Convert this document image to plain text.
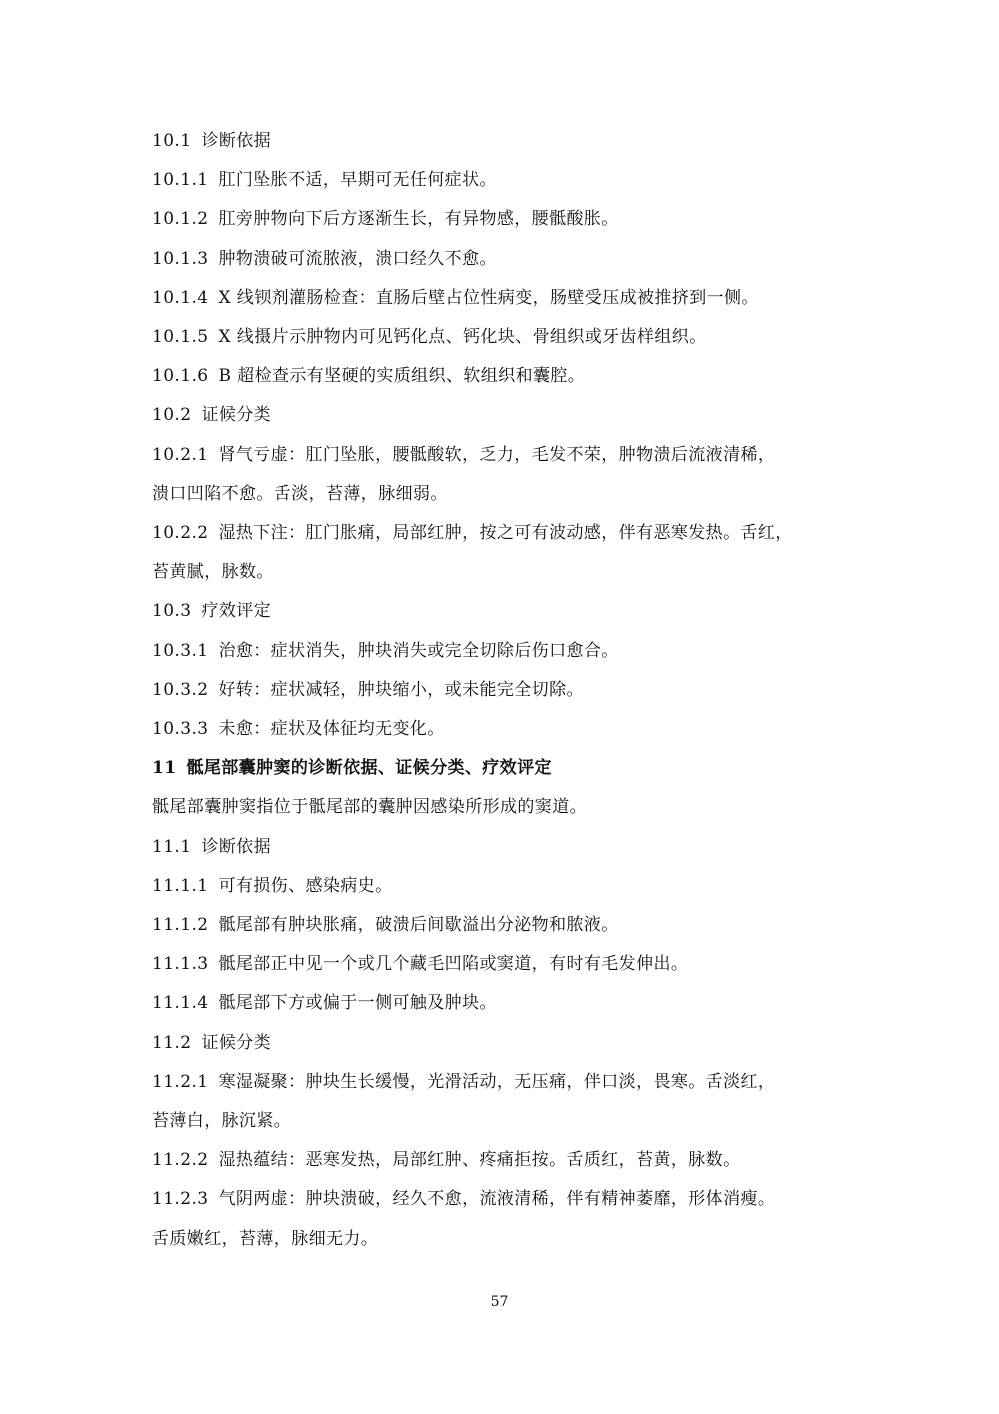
10.1 诊断依据
10.1.1 肛门坠胀不适，早期可无任何症状。
10.1.2 肛旁肿物向下后方逐渐生长，有异物感，腰骶酸胀。
10.1.3 肿物溃破可流脓液，溃口经久不愈。
10.1.4 X 线钡剂灌肠检查：直肠后壁占位性病变，肠壁受压成被推挤到一侧。
10.1.5 X 线摄片示肿物内可见钙化点、钙化块、骨组织或牙齿样组织。
10.1.6 B 超检查示有坚硬的实质组织、软组织和囊腔。
10.2 证候分类
10.2.1 肾气亏虚：肛门坠胀，腰骶酸软，乏力，毛发不荣，肿物溃后流液清稀，
溃口凹陷不愈。舌淡，苔薄，脉细弱。
10.2.2 湿热下注：肛门胀痛，局部红肿，按之可有波动感，伴有恶寒发热。舌红，
苔黄腻，脉数。
10.3 疗效评定
10.3.1 治愈：症状消失，肿块消失或完全切除后伤口愈合。
10.3.2 好转：症状减轻，肿块缩小，或未能完全切除。
10.3.3 未愈：症状及体征均无变化。
11 骶尾部囊肿窦的诊断依据、证候分类、疗效评定
骶尾部囊肿窦指位于骶尾部的囊肿因感染所形成的窦道。
11.1 诊断依据
11.1.1 可有损伤、感染病史。
11.1.2 骶尾部有肿块胀痛，破溃后间歇溢出分泌物和脓液。
11.1.3 骶尾部正中见一个或几个藏毛凹陷或窦道，有时有毛发伸出。
11.1.4 骶尾部下方或偏于一侧可触及肿块。
11.2 证候分类
11.2.1 寒湿凝聚：肿块生长缓慢，光滑活动，无压痛，伴口淡，畏寒。舌淡红，
苔薄白，脉沉紧。
11.2.2 湿热蕴结：恶寒发热，局部红肿、疼痛拒按。舌质红，苔黄，脉数。
11.2.3 气阴两虚：肿块溃破，经久不愈，流液清稀，伴有精神萎靡，形体消瘦。
舌质嫩红，苔薄，脉细无力。
57
